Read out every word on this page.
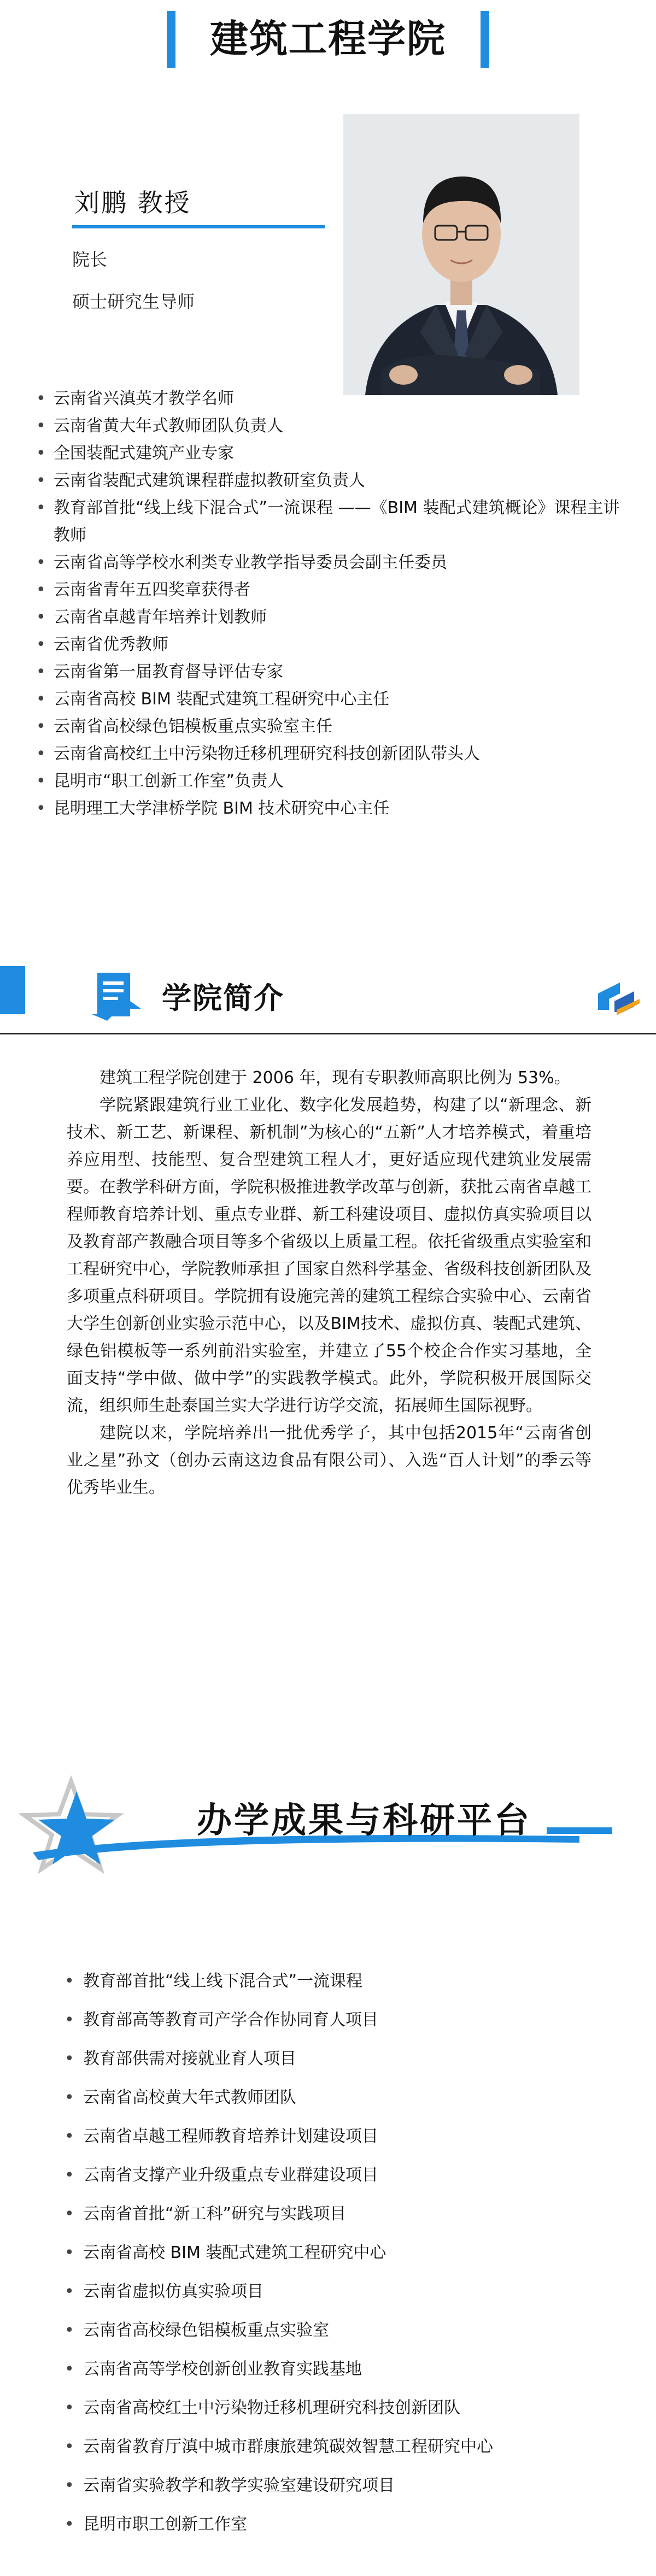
建筑工程学院
刘鹏 教授
院长
硕士研究生导师
• 云南省兴滇英才教学名师
• 云南省黄大年式教师团队负责人
• 全国装配式建筑产业专家
• 云南省装配式建筑课程群虚拟教研室负责人
• 教育部首批“线上线下混合式”一流课程 ——《BIM 装配式建筑概论》课程主讲教师
• 云南省高等学校水利类专业教学指导委员会副主任委员
• 云南省青年五四奖章获得者
• 云南省卓越青年培养计划教师
• 云南省优秀教师
• 云南省第一届教育督导评估专家
• 云南省高校 BIM 装配式建筑工程研究中心主任
• 云南省高校绿色铝模板重点实验室主任
• 云南省高校红土中污染物迁移机理研究科技创新团队带头人
• 昆明市“职工创新工作室”负责人
• 昆明理工大学津桥学院 BIM 技术研究中心主任
学院简介

建筑工程学院创建于 2006 年，现有专职教师高职比例为 53%。

学院紧跟建筑行业工业化、数字化发展趋势，构建了以“新理念、新技术、新工艺、新课程、新机制”为核心的“五新”人才培养模式，着重培养应用型、技能型、复合型建筑工程人才，更好适应现代建筑业发展需要。在教学科研方面，学院积极推进教学改革与创新，获批云南省卓越工程师教育培养计划、重点专业群、新工科建设项目、虚拟仿真实验项目以及教育部产教融合项目等多个省级以上质量工程。依托省级重点实验室和工程研究中心，学院教师承担了国家自然科学基金、省级科技创新团队及多项重点科研项目。学院拥有设施完善的建筑工程综合实验中心、云南省大学生创新创业实验示范中心，以及BIM技术、虚拟仿真、装配式建筑、绿色铝模板等一系列前沿实验室，并建立了55个校企合作实习基地，全面支持“学中做、做中学”的实践教学模式。此外，学院积极开展国际交流，组织师生赴泰国兰实大学进行访学交流，拓展师生国际视野。

建院以来，学院培养出一批优秀学子，其中包括2015年“云南省创业之星”孙文（创办云南这边食品有限公司）、入选“百人计划”的季云等优秀毕业生。

办学成果与科研平台
• 教育部首批“线上线下混合式”一流课程
• 教育部高等教育司产学合作协同育人项目
• 教育部供需对接就业育人项目
• 云南省高校黄大年式教师团队
• 云南省卓越工程师教育培养计划建设项目
• 云南省支撑产业升级重点专业群建设项目
• 云南省首批“新工科”研究与实践项目
• 云南省高校 BIM 装配式建筑工程研究中心
• 云南省虚拟仿真实验项目
• 云南省高校绿色铝模板重点实验室
• 云南省高等学校创新创业教育实践基地
• 云南省高校红土中污染物迁移机理研究科技创新团队
• 云南省教育厅滇中城市群康旅建筑碳效智慧工程研究中心
• 云南省实验教学和教学实验室建设研究项目
• 昆明市职工创新工作室
